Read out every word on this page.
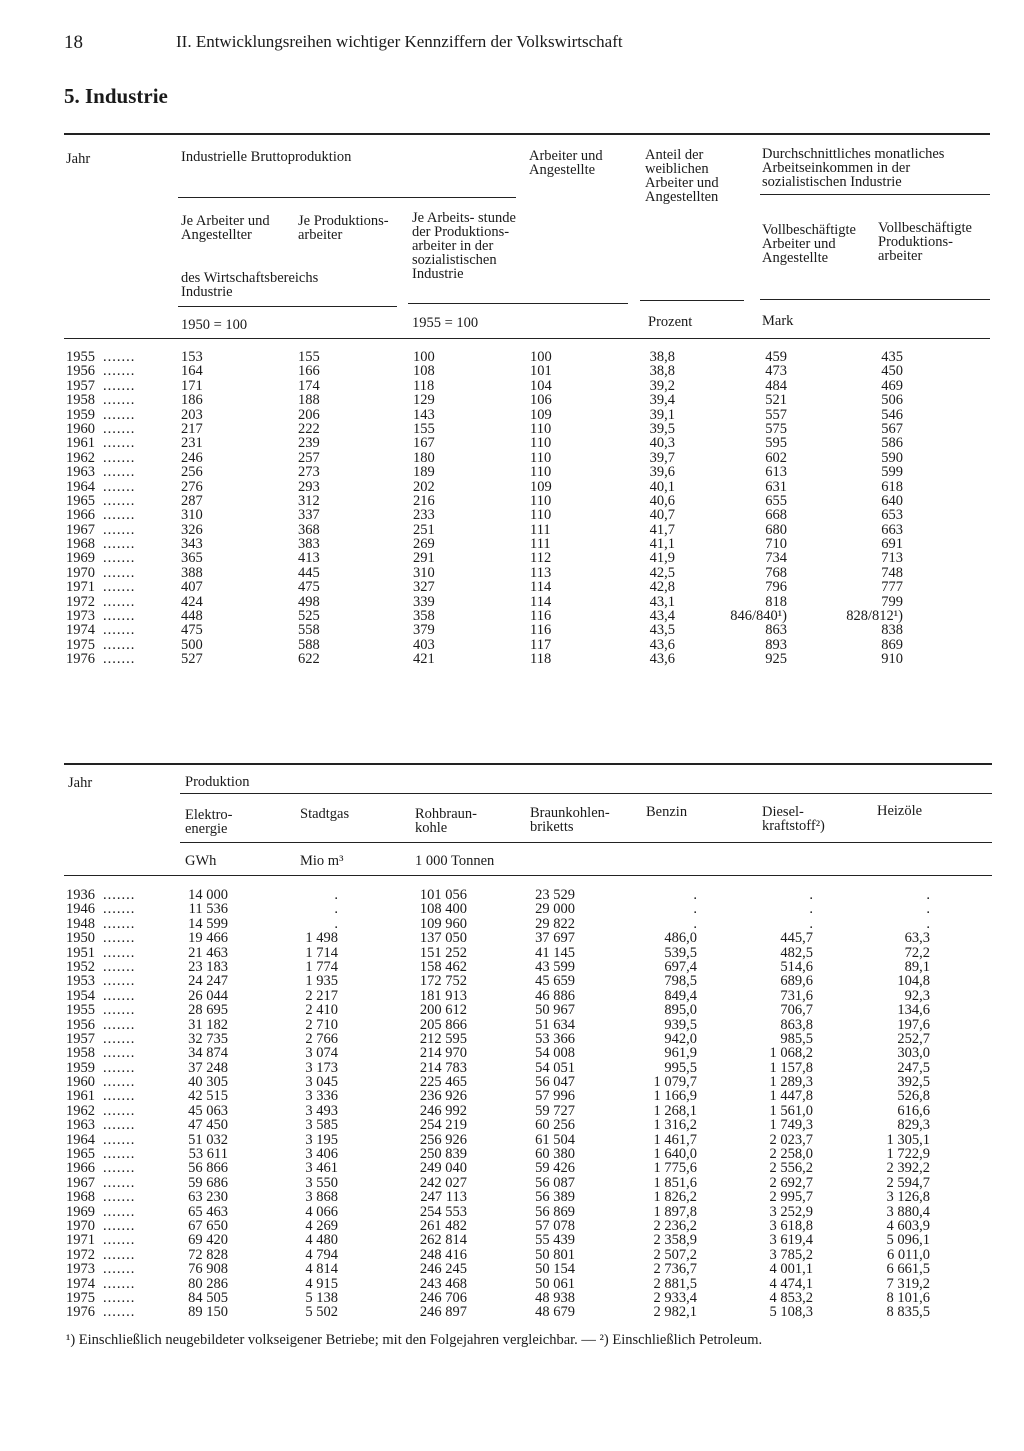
18	II. Entwicklungsreihen wichtiger Kennziffern der Volkswirtschaft
5. Industrie
Jahr	Industrielle Bruttoproduktion
Je Arbeiter und Angestellter
Je Produktions- arbeiter
des Wirtschaftsbereichs Industrie
Je Arbeits- stunde der Produktions- arbeiter in der sozialistischen Industrie
Arbeiter und Angestellte
Anteil der weiblichen Arbeiter und Angestellten
Durchschnittliches monatliches Arbeitseinkommen in der sozialistischen Industrie
Vollbeschäftigte Arbeiter und Angestellte
Vollbeschäftigte Produktions- arbeiter
1950 = 100	1955 = 100	Prozent	Mark
1955 .......	153	155	100	100	38,8	459	435
1956 .......	164	166	108	101	38,8	473	450
1957 .......	171	174	118	104	39,2	484	469
1958 .......	186	188	129	106	39,4	521	506
1959 .......	203	206	143	109	39,1	557	546
1960 .......	217	222	155	110	39,5	575	567
1961 .......	231	239	167	110	40,3	595	586
1962 .......	246	257	180	110	39,7	602	590
1963 .......	256	273	189	110	39,6	613	599
1964 .......	276	293	202	109	40,1	631	618
1965 .......	287	312	216	110	40,6	655	640
1966 .......	310	337	233	110	40,7	668	653
1967 .......	326	368	251	111	41,7	680	663
1968 .......	343	383	269	111	41,1	710	691
1969 .......	365	413	291	112	41,9	734	713
1970 .......	388	445	310	113	42,5	768	748
1971 .......	407	475	327	114	42,8	796	777
1972 .......	424	498	339	114	43,1	818	799
1973 .......	448	525	358	116	43,4	846/840¹)	828/812¹)
1974 .......	475	558	379	116	43,5	863	838
1975 .......	500	588	403	117	43,6	893	869
1976 .......	527	622	421	118	43,6	925	910
Jahr	Produktion
Elektro- energie
Stadtgas	Rohbraun- kohle
Braunkohlen- briketts
Benzin	Diesel- kraftstoff²)
Heizöle
GWh	Mio m³	1 000 Tonnen
1936 .......	14 000	.	101 056	23 529	.	.	.
1946 .......	11 536	.	108 400	29 000	.	.	.
1948 .......	14 599	.	109 960	29 822	.	.	.
1950 .......	19 466	1 498	137 050	37 697	486,0	445,7	63,3
1951 .......	21 463	1 714	151 252	41 145	539,5	482,5	72,2
1952 .......	23 183	1 774	158 462	43 599	697,4	514,6	89,1
1953 .......	24 247	1 935	172 752	45 659	798,5	689,6	104,8
1954 .......	26 044	2 217	181 913	46 886	849,4	731,6	92,3
1955 .......	28 695	2 410	200 612	50 967	895,0	706,7	134,6
1956 .......	31 182	2 710	205 866	51 634	939,5	863,8	197,6
1957 .......	32 735	2 766	212 595	53 366	942,0	985,5	252,7
1958 .......	34 874	3 074	214 970	54 008	961,9	1 068,2	303,0
1959 .......	37 248	3 173	214 783	54 051	995,5	1 157,8	247,5
1960 .......	40 305	3 045	225 465	56 047	1 079,7	1 289,3	392,5
1961 .......	42 515	3 336	236 926	57 996	1 166,9	1 447,8	526,8
1962 .......	45 063	3 493	246 992	59 727	1 268,1	1 561,0	616,6
1963 .......	47 450	3 585	254 219	60 256	1 316,2	1 749,3	829,3
1964 .......	51 032	3 195	256 926	61 504	1 461,7	2 023,7	1 305,1
1965 .......	53 611	3 406	250 839	60 380	1 640,0	2 258,0	1 722,9
1966 .......	56 866	3 461	249 040	59 426	1 775,6	2 556,2	2 392,2
1967 .......	59 686	3 550	242 027	56 087	1 851,6	2 692,7	2 594,7
1968 .......	63 230	3 868	247 113	56 389	1 826,2	2 995,7	3 126,8
1969 .......	65 463	4 066	254 553	56 869	1 897,8	3 252,9	3 880,4
1970 .......	67 650	4 269	261 482	57 078	2 236,2	3 618,8	4 603,9
1971 .......	69 420	4 480	262 814	55 439	2 358,9	3 619,4	5 096,1
1972 .......	72 828	4 794	248 416	50 801	2 507,2	3 785,2	6 011,0
1973 .......	76 908	4 814	246 245	50 154	2 736,7	4 001,1	6 661,5
1974 .......	80 286	4 915	243 468	50 061	2 881,5	4 474,1	7 319,2
1975 .......	84 505	5 138	246 706	48 938	2 933,4	4 853,2	8 101,6
1976 .......	89 150	5 502	246 897	48 679	2 982,1	5 108,3	8 835,5
¹) Einschließlich neugebildeter volkseigener Betriebe; mit den Folgejahren vergleichbar. — ²) Einschließlich Petroleum.
